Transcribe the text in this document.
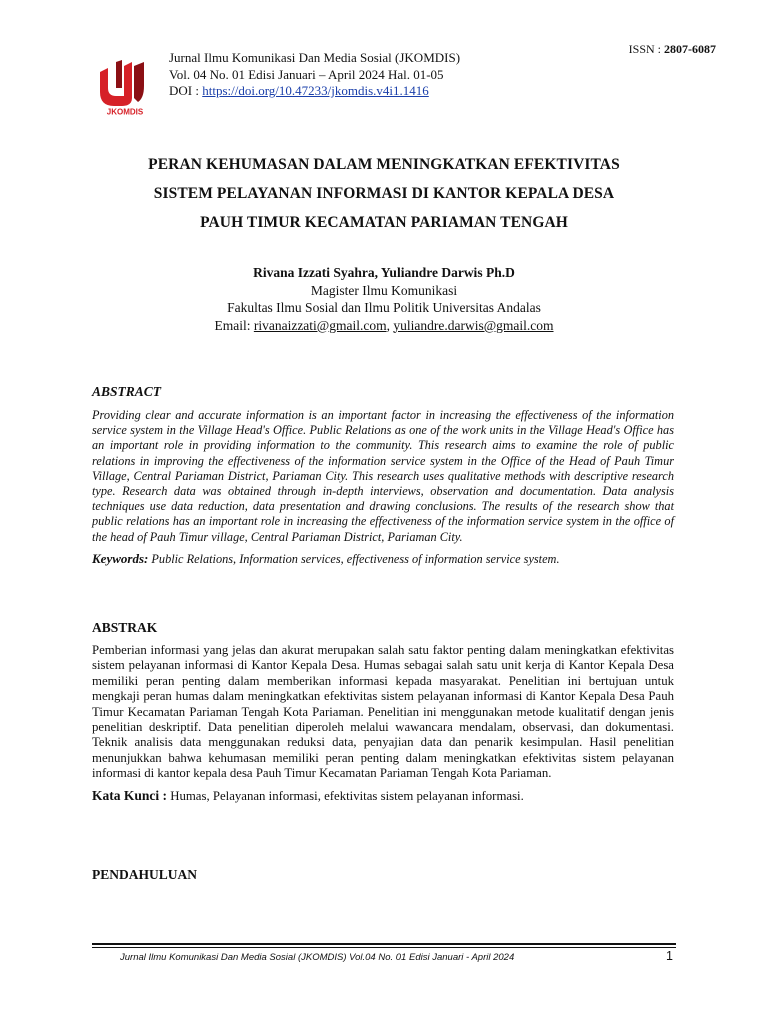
ISSN : 2807-6087
JKOMDIS
Jurnal Ilmu Komunikasi Dan Media Sosial (JKOMDIS)
Vol. 04 No. 01 Edisi Januari – April 2024 Hal. 01-05
DOI : https://doi.org/10.47233/jkomdis.v4i1.1416
PERAN KEHUMASAN DALAM MENINGKATKAN EFEKTIVITAS
SISTEM PELAYANAN INFORMASI DI KANTOR KEPALA DESA
PAUH TIMUR KECAMATAN PARIAMAN TENGAH
Rivana Izzati Syahra, Yuliandre Darwis Ph.D
Magister Ilmu Komunikasi
Fakultas Ilmu Sosial dan Ilmu Politik Universitas Andalas
Email: rivanaizzati@gmail.com, yuliandre.darwis@gmail.com
ABSTRACT
Providing clear and accurate information is an important factor in increasing the effectiveness of the information service system in the Village Head's Office. Public Relations as one of the work units in the Village Head's Office has an important role in providing information to the community. This research aims to examine the role of public relations in improving the effectiveness of the information service system in the Office of the Head of Pauh Timur Village, Central Pariaman District, Pariaman City. This research uses qualitative methods with descriptive research type. Research data was obtained through in-depth interviews, observation and documentation. Data analysis techniques use data reduction, data presentation and drawing conclusions. The results of the research show that public relations has an important role in increasing the effectiveness of the information service system in the office of the head of Pauh Timur village, Central Pariaman District, Pariaman City.
Keywords: Public Relations, Information services, effectiveness of information service system.
ABSTRAK
Pemberian informasi yang jelas dan akurat merupakan salah satu faktor penting dalam meningkatkan efektivitas sistem pelayanan informasi di Kantor Kepala Desa. Humas sebagai salah satu unit kerja di Kantor Kepala Desa memiliki peran penting dalam memberikan informasi kepada masyarakat. Penelitian ini bertujuan untuk mengkaji peran humas dalam meningkatkan efektivitas sistem pelayanan informasi di Kantor Kepala Desa Pauh Timur Kecamatan Pariaman Tengah Kota Pariaman. Penelitian ini menggunakan metode kualitatif dengan jenis penelitian deskriptif. Data penelitian diperoleh melalui wawancara mendalam, observasi, dan dokumentasi. Teknik analisis data menggunakan reduksi data, penyajian data dan penarik kesimpulan. Hasil penelitian menunjukkan bahwa kehumasan memiliki peran penting dalam meningkatkan efektivitas sistem pelayanan informasi di kantor kepala desa Pauh Timur Kecamatan Pariaman Tengah Kota Pariaman.
Kata Kunci : Humas, Pelayanan informasi, efektivitas sistem pelayanan informasi.
PENDAHULUAN
Jurnal Ilmu Komunikasi Dan Media Sosial (JKOMDIS) Vol.04 No. 01 Edisi Januari - April 2024	1
